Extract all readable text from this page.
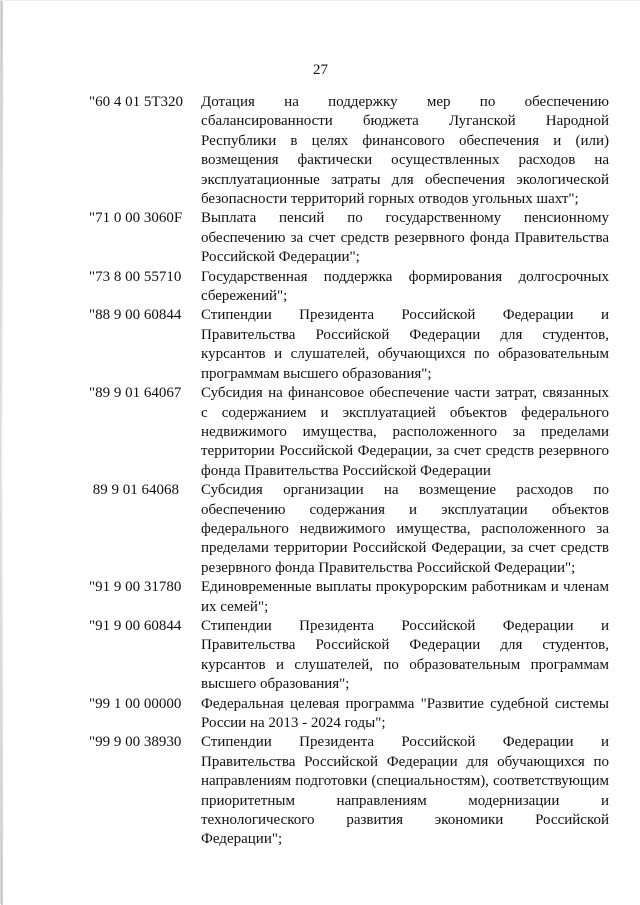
27
"60 4 01 5Т320	Дотация на поддержку мер по обеспечению сбалансированности бюджета Луганской Народной Республики в целях финансового обеспечения и (или) возмещения фактически осуществленных расходов на эксплуатационные затраты для обеспечения экологической безопасности территорий горных отводов угольных шахт";
"71 0 00 3060F	Выплата пенсий по государственному пенсионному обеспечению за счет средств резервного фонда Правительства Российской Федерации";
"73 8 00 55710	Государственная поддержка формирования долгосрочных сбережений";
"88 9 00 60844	Стипендии Президента Российской Федерации и Правительства Российской Федерации для студентов, курсантов и слушателей, обучающихся по образовательным программам высшего образования";
"89 9 01 64067	Субсидия на финансовое обеспечение части затрат, связанных с содержанием и эксплуатацией объектов федерального недвижимого имущества, расположенного за пределами территории Российской Федерации, за счет средств резервного фонда Правительства Российской Федерации
89 9 01 64068	Субсидия организации на возмещение расходов по обеспечению содержания и эксплуатации объектов федерального недвижимого имущества, расположенного за пределами территории Российской Федерации, за счет средств резервного фонда Правительства Российской Федерации";
"91 9 00 31780	Единовременные выплаты прокурорским работникам и членам их семей";
"91 9 00 60844	Стипендии Президента Российской Федерации и Правительства Российской Федерации для студентов, курсантов и слушателей, по образовательным программам высшего образования";
"99 1 00 00000	Федеральная целевая программа "Развитие судебной системы России на 2013 - 2024 годы";
"99 9 00 38930	Стипендии Президента Российской Федерации и Правительства Российской Федерации для обучающихся по направлениям подготовки (специальностям), соответствующим приоритетным направлениям модернизации и технологического развития экономики Российской Федерации";
